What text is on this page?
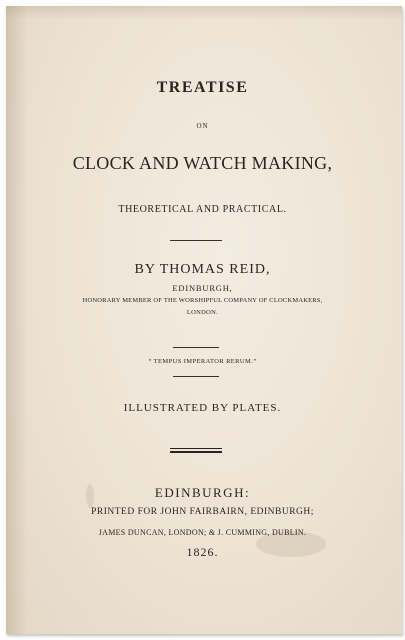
TREATISE
ON
CLOCK AND WATCH MAKING,
THEORETICAL AND PRACTICAL.
BY THOMAS REID,
EDINBURGH,
HONORARY MEMBER OF THE WORSHIPFUL COMPANY OF CLOCKMAKERS,
LONDON.
“ TEMPUS IMPERATOR RERUM.”
ILLUSTRATED BY PLATES.
EDINBURGH:
PRINTED FOR JOHN FAIRBAIRN, EDINBURGH;
JAMES DUNCAN, LONDON; & J. CUMMING, DUBLIN.
1826.
